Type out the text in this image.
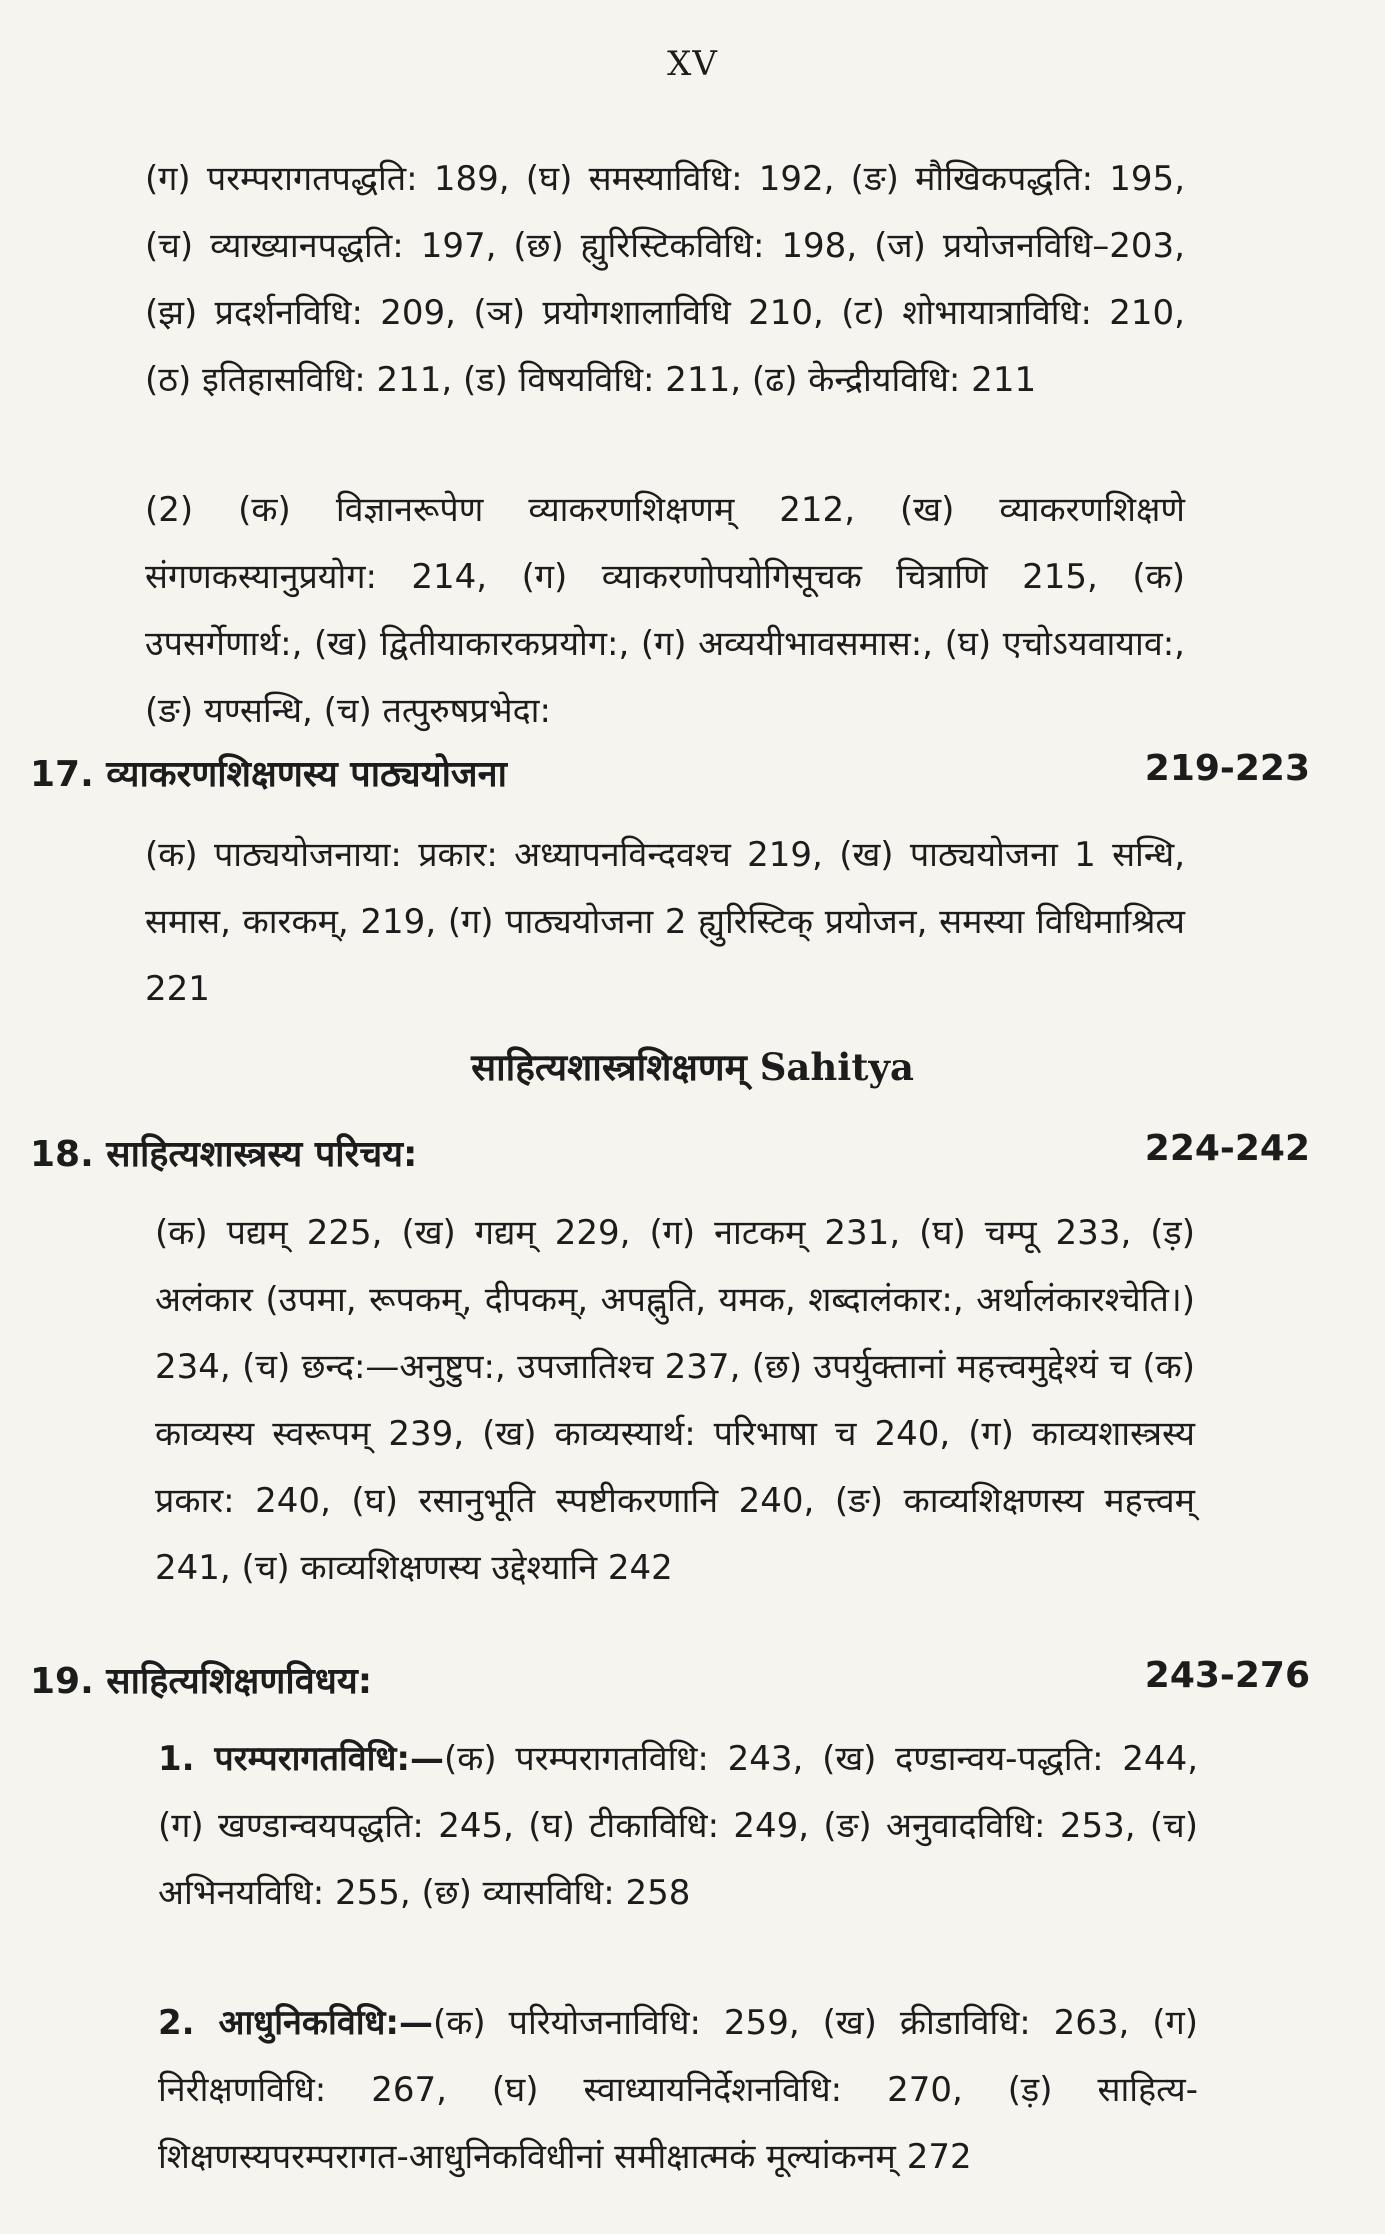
XV
(ग) परम्परागतपद्धति: 189, (घ) समस्याविधि: 192, (ङ) मौखिकपद्धति: 195, (च) व्याख्यानपद्धति: 197, (छ) ह्युरिस्टिकविधि: 198, (ज) प्रयोजनविधि–203, (झ) प्रदर्शनविधि: 209, (ञ) प्रयोगशालाविधि 210, (ट) शोभायात्राविधि: 210, (ठ) इतिहासविधि: 211, (ड) विषयविधि: 211, (ढ) केन्द्रीयविधि: 211
(2) (क) विज्ञानरूपेण व्याकरणशिक्षणम् 212, (ख) व्याकरणशिक्षणे संगणकस्यानुप्रयोग: 214, (ग) व्याकरणोपयोगिसूचक चित्राणि 215, (क) उपसर्गेणार्थ:, (ख) द्वितीयाकारकप्रयोग:, (ग) अव्ययीभावसमास:, (घ) एचोऽयवायाव:, (ङ) यण्सन्धि, (च) तत्पुरुषप्रभेदा:
17. व्याकरणशिक्षणस्य पाठ्ययोजना	219-223
(क) पाठ्ययोजनाया: प्रकार: अध्यापनविन्दवश्च 219, (ख) पाठ्ययोजना 1 सन्धि, समास, कारकम्, 219, (ग) पाठ्ययोजना 2 ह्युरिस्टिक् प्रयोजन, समस्या विधिमाश्रित्य 221
साहित्यशास्त्रशिक्षणम् Sahitya
18. साहित्यशास्त्रस्य परिचय:	224-242
(क) पद्यम् 225, (ख) गद्यम् 229, (ग) नाटकम् 231, (घ) चम्पू 233, (ड़) अलंकार (उपमा, रूपकम्, दीपकम्, अपह्नुति, यमक, शब्दालंकार:, अर्थालंकारश्चेति।) 234, (च) छन्द:—अनुष्टुप:, उपजातिश्च 237, (छ) उपर्युक्तानां महत्त्वमुद्देश्यं च (क) काव्यस्य स्वरूपम् 239, (ख) काव्यस्यार्थ: परिभाषा च 240, (ग) काव्यशास्त्रस्य प्रकार: 240, (घ) रसानुभूति स्पष्टीकरणानि 240, (ङ) काव्यशिक्षणस्य महत्त्वम् 241, (च) काव्यशिक्षणस्य उद्देश्यानि 242
19. साहित्यशिक्षणविधय:	243-276
1. परम्परागतविधि:—(क) परम्परागतविधि: 243, (ख) दण्डान्वय-पद्धति: 244, (ग) खण्डान्वयपद्धति: 245, (घ) टीकाविधि: 249, (ङ) अनुवादविधि: 253, (च) अभिनयविधि: 255, (छ) व्यासविधि: 258
2. आधुनिकविधि:—(क) परियोजनाविधि: 259, (ख) क्रीडाविधि: 263, (ग) निरीक्षणविधि: 267, (घ) स्वाध्यायनिर्देशनविधि: 270, (ड़) साहित्य-शिक्षणस्यपरम्परागत-आधुनिकविधीनां समीक्षात्मकं मूल्यांकनम् 272
